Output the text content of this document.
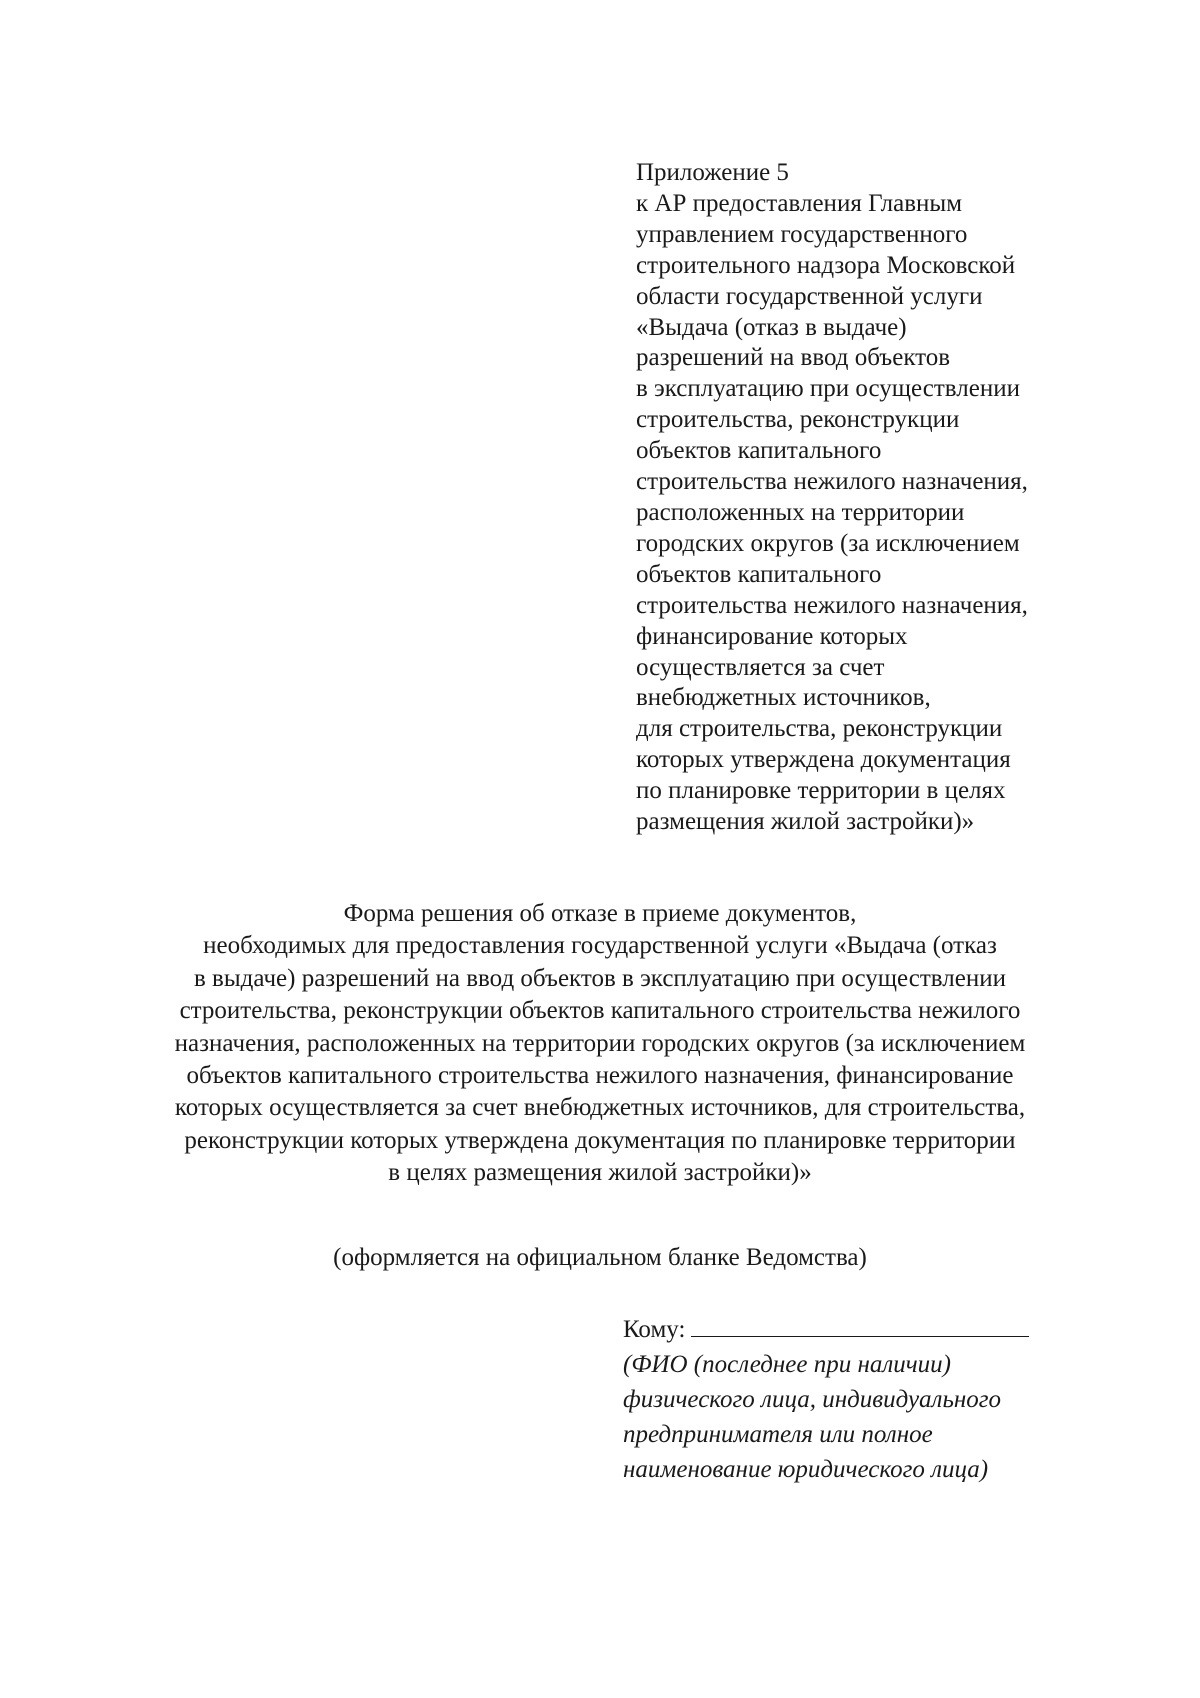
Приложение 5
к АР предоставления Главным
управлением государственного
строительного надзора Московской
области государственной услуги
«Выдача (отказ в выдаче)
разрешений на ввод объектов
в эксплуатацию при осуществлении
строительства, реконструкции
объектов капитального
строительства нежилого назначения,
расположенных на территории
городских округов (за исключением
объектов капитального
строительства нежилого назначения,
финансирование которых
осуществляется за счет
внебюджетных источников,
для строительства, реконструкции
которых утверждена документация
по планировке территории в целях
размещения жилой застройки)»
Форма решения об отказе в приеме документов,
необходимых для предоставления государственной услуги «Выдача (отказ
в выдаче) разрешений на ввод объектов в эксплуатацию при осуществлении
строительства, реконструкции объектов капитального строительства нежилого
назначения, расположенных на территории городских округов (за исключением
объектов капитального строительства нежилого назначения, финансирование
которых осуществляется за счет внебюджетных источников, для строительства,
реконструкции которых утверждена документация по планировке территории
в целях размещения жилой застройки)»
(оформляется на официальном бланке Ведомства)
Кому:
(ФИО (последнее при наличии)
физического лица, индивидуального
предпринимателя или полное
наименование юридического лица)
